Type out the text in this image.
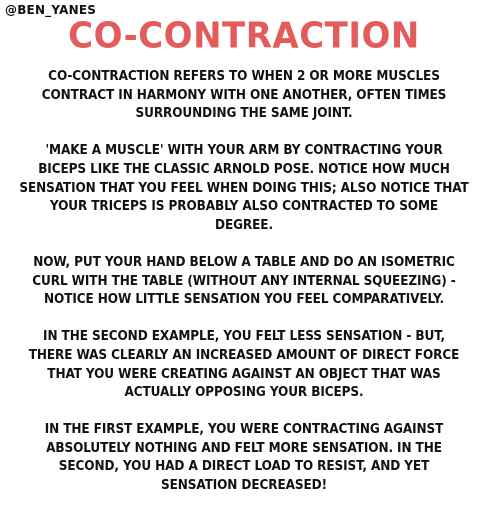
@BEN_YANES
CO-CONTRACTION
CO-CONTRACTION REFERS TO WHEN 2 OR MORE MUSCLES
CONTRACT IN HARMONY WITH ONE ANOTHER, OFTEN TIMES
SURROUNDING THE SAME JOINT.
'MAKE A MUSCLE' WITH YOUR ARM BY CONTRACTING YOUR
BICEPS LIKE THE CLASSIC ARNOLD POSE. NOTICE HOW MUCH
SENSATION THAT YOU FEEL WHEN DOING THIS; ALSO NOTICE THAT
YOUR TRICEPS IS PROBABLY ALSO CONTRACTED TO SOME
DEGREE.
NOW, PUT YOUR HAND BELOW A TABLE AND DO AN ISOMETRIC
CURL WITH THE TABLE (WITHOUT ANY INTERNAL SQUEEZING) -
NOTICE HOW LITTLE SENSATION YOU FEEL COMPARATIVELY.
IN THE SECOND EXAMPLE, YOU FELT LESS SENSATION - BUT,
THERE WAS CLEARLY AN INCREASED AMOUNT OF DIRECT FORCE
THAT YOU WERE CREATING AGAINST AN OBJECT THAT WAS
ACTUALLY OPPOSING YOUR BICEPS.
IN THE FIRST EXAMPLE, YOU WERE CONTRACTING AGAINST
ABSOLUTELY NOTHING AND FELT MORE SENSATION. IN THE
SECOND, YOU HAD A DIRECT LOAD TO RESIST, AND YET
SENSATION DECREASED!
